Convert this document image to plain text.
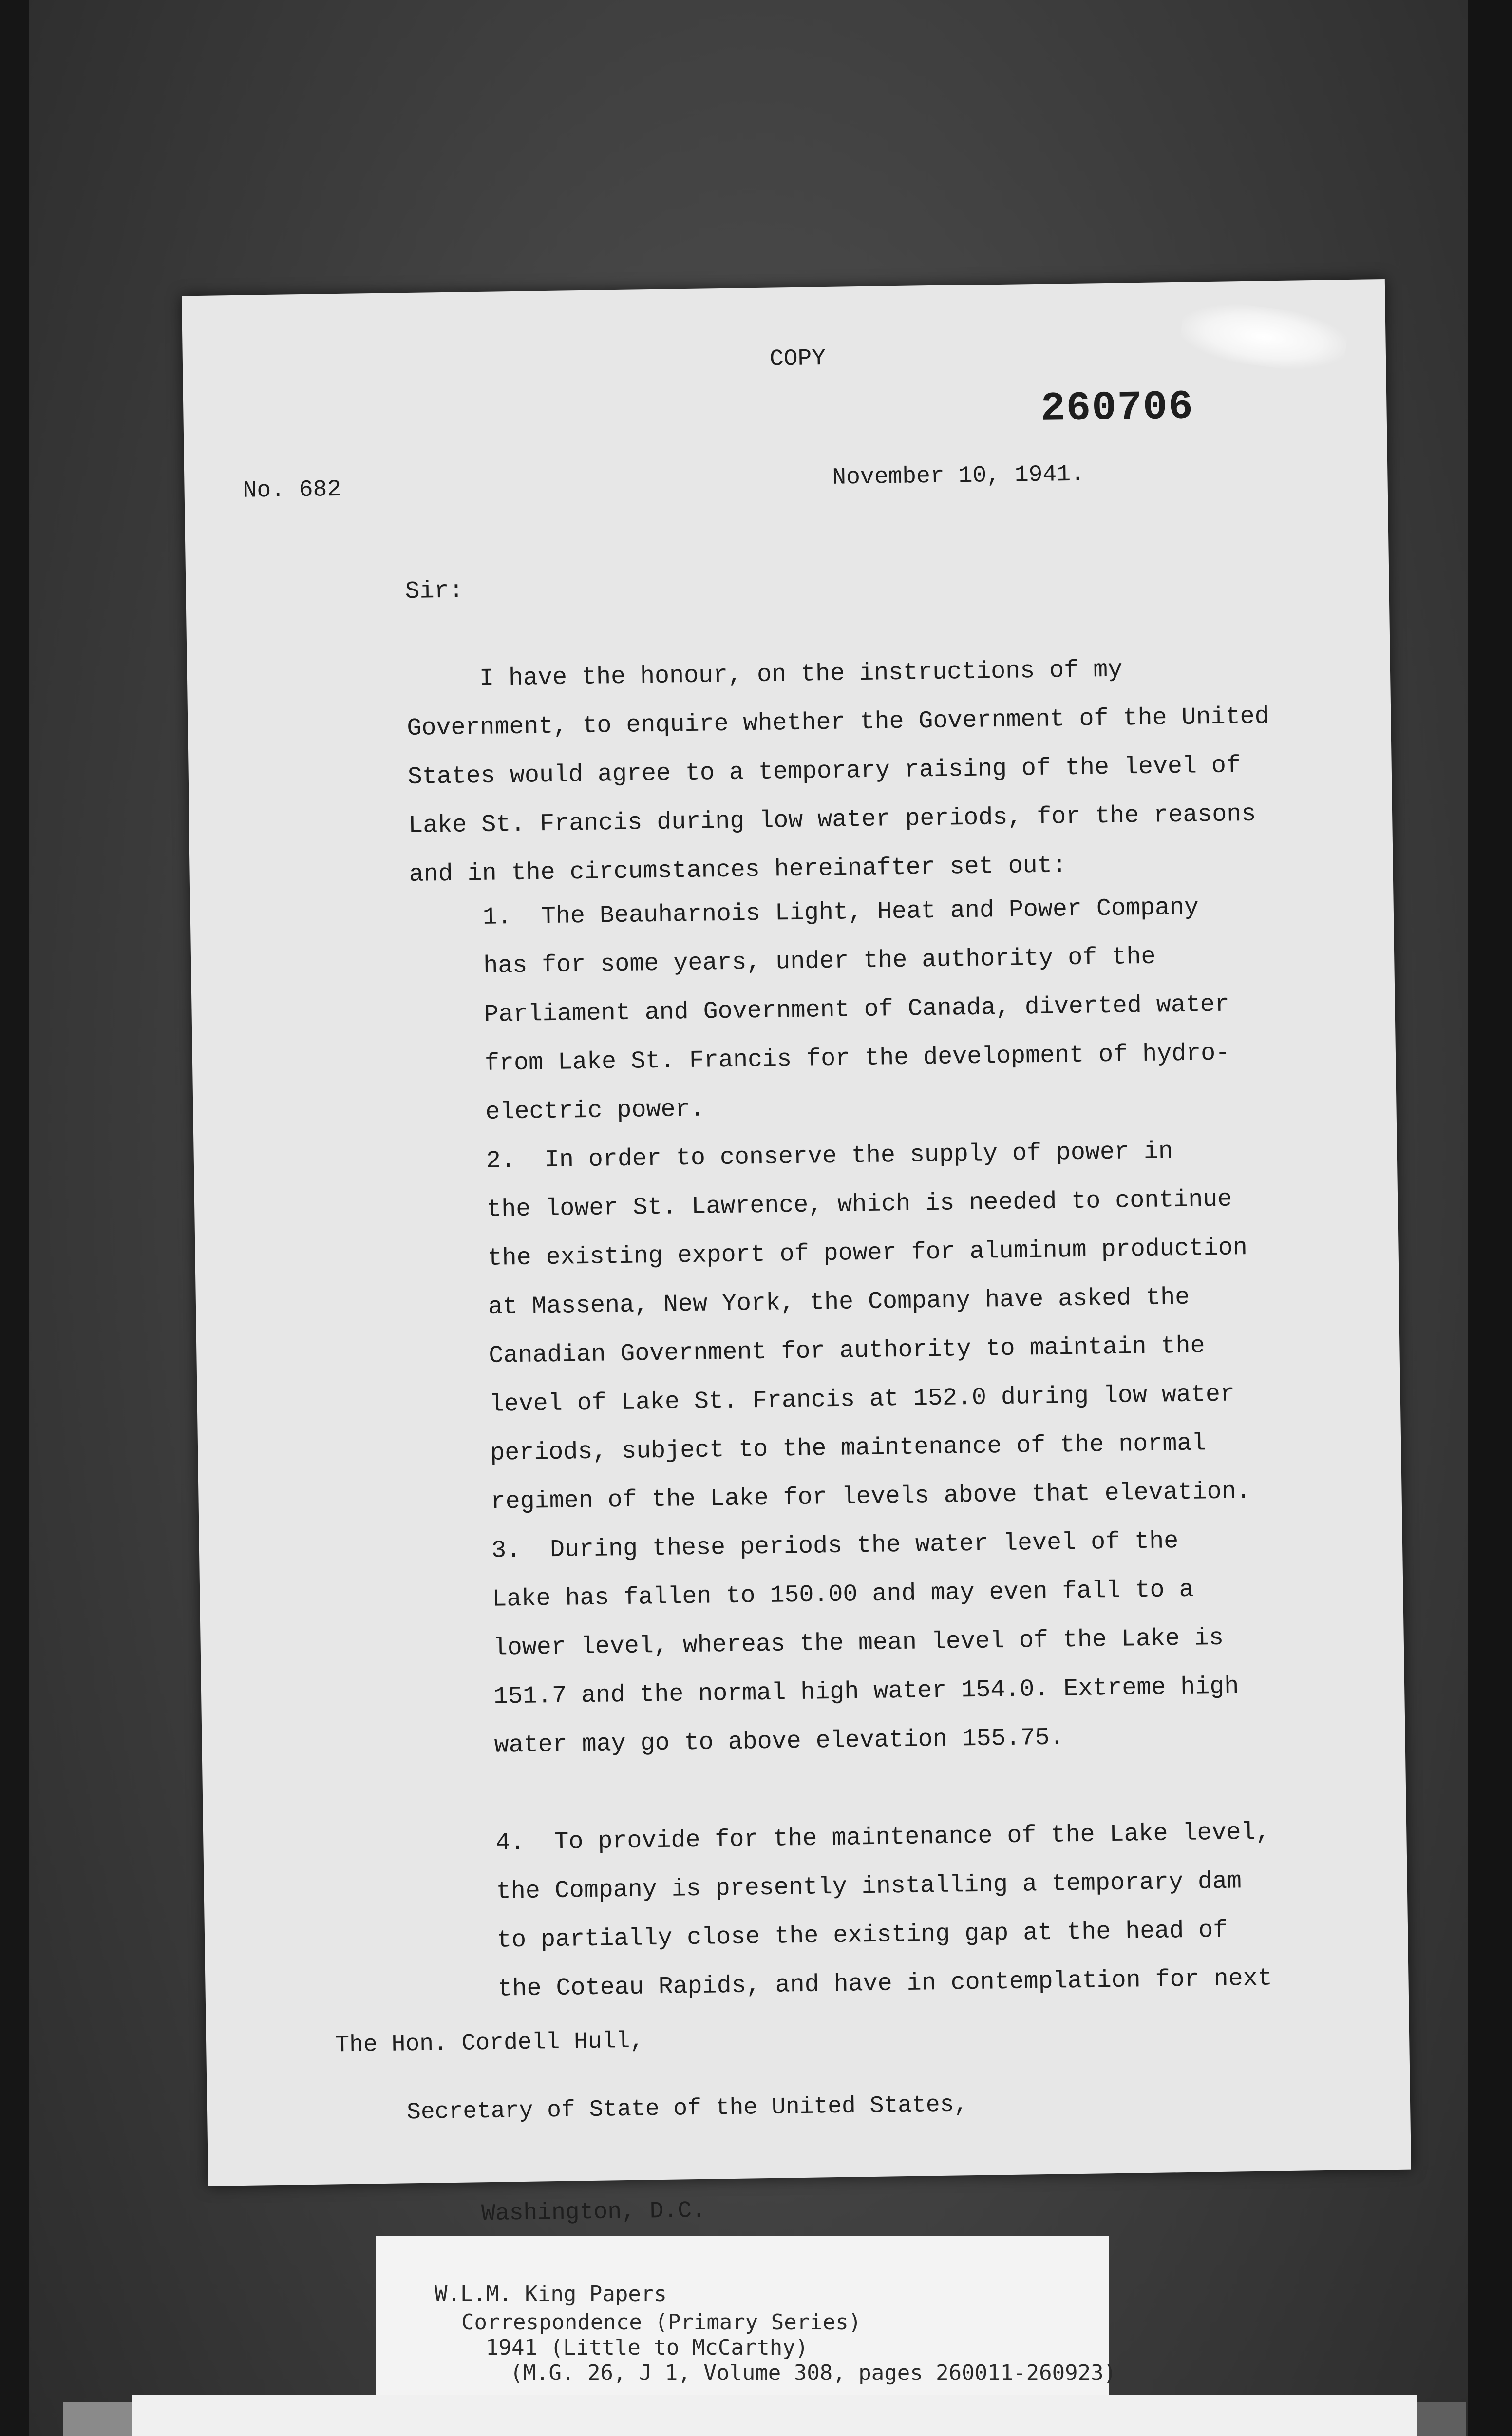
COPY
260706
No. 682	November 10, 1941.
Sir:
I have the honour, on the instructions of my
Government, to enquire whether the Government of the United
States would agree to a temporary raising of the level of
Lake St. Francis during low water periods, for the reasons
and in the circumstances hereinafter set out:
1.  The Beauharnois Light, Heat and Power Company
has for some years, under the authority of the
Parliament and Government of Canada, diverted water
from Lake St. Francis for the development of hydro-
electric power.
2.  In order to conserve the supply of power in
the lower St. Lawrence, which is needed to continue
the existing export of power for aluminum production
at Massena, New York, the Company have asked the
Canadian Government for authority to maintain the
level of Lake St. Francis at 152.0 during low water
periods, subject to the maintenance of the normal
regimen of the Lake for levels above that elevation.
3.  During these periods the water level of the
Lake has fallen to 150.00 and may even fall to a
lower level, whereas the mean level of the Lake is
151.7 and the normal high water 154.0. Extreme high
water may go to above elevation 155.75.
4.  To provide for the maintenance of the Lake level,
the Company is presently installing a temporary dam
to partially close the existing gap at the head of
the Coteau Rapids, and have in contemplation for next

The Hon. Cordell Hull,

Secretary of State of the United States,

Washington, D.C.

W.L.M. King Papers
Correspondence (Primary Series)
1941 (Little to McCarthy)
(M.G. 26, J 1, Volume 308, pages 260011-260923)
